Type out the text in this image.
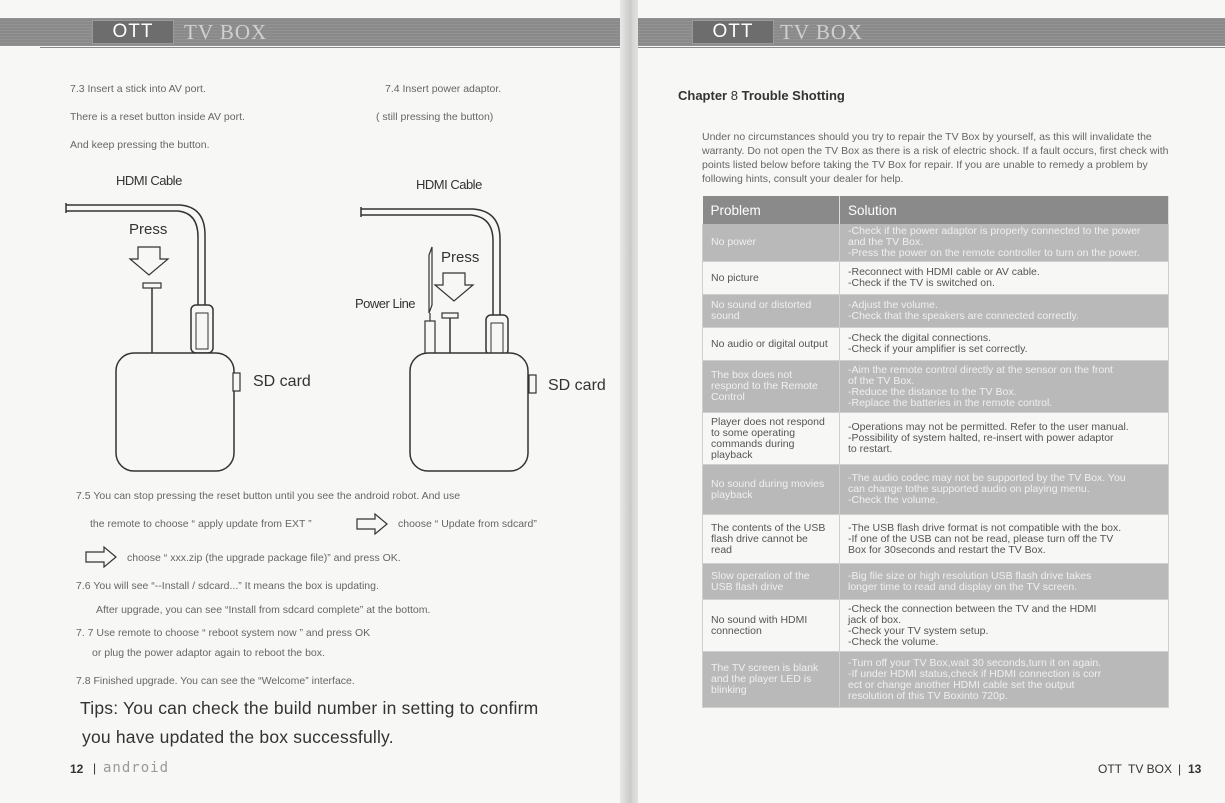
OTT	TV BOX
7.3 Insert a stick into AV port.
There is a reset button inside AV port.
And keep pressing the button.
7.4 Insert power adaptor.
( still pressing the button)
HDMI Cable	HDMI Cable
Press
SD card
Press
Power Line
SD card
7.5 You can stop pressing the reset button until you see the android robot. And use
the remote to choose “ apply update from EXT ”	choose “ Update from sdcard”
choose “ xxx.zip (the upgrade package file)” and press OK.
7.6 You will see “--Install / sdcard...” It means the box is updating.
After upgrade, you can see “Install from sdcard complete” at the bottom.
7. 7 Use remote to choose “ reboot system now ” and press OK
or plug the power adaptor again to reboot the box.
7.8 Finished upgrade. You can see the “Welcome” interface.
Tips: You can check the build number in setting to confirm
you have updated the box successfully.
12 | android
OTT	TV BOX
Chapter 8 Trouble Shotting
Under no circumstances should you try to repair the TV Box by yourself, as this will invalidate the warranty. Do not open the TV Box as there is a risk of electric shock. If a fault occurs, first check with points listed below before taking the TV Box for repair. If you are unable to remedy a problem by following hints, consult your dealer for help.
Problem	Solution
No power	-Check if the power adaptor is properly connected to the power
and the TV Box.
-Press the power on the remote controller to turn on the power.

No picture	-Reconnect with HDMI cable or AV cable.
-Check if the TV is switched on.

No sound or distorted sound	-Adjust the volume.
-Check that the speakers are connected correctly.

No audio or digital output	-Check the digital connections.
-Check if your amplifier is set correctly.

The box does not respond to the Remote Control	-Aim the remote control directly at the sensor on the front
of the TV Box.
-Reduce the distance to the TV Box.
-Replace the batteries in the remote control.

Player does not respond to some operating commands during playback	-Operations may not be permitted. Refer to the user manual.
-Possibility of system halted, re-insert with power adaptor
to restart.

No sound during movies playback	-The audio codec may not be supported by the TV Box. You
can change tothe supported audio on playing menu.
-Check the volume.

The contents of the USB flash drive cannot be read	-The USB flash drive format is not compatible with the box.
-If one of the USB can not be read, please turn off the TV
Box for 30seconds and restart the TV Box.

Slow operation of the USB flash drive	-Big file size or high resolution USB flash drive takes
longer time to read and display on the TV screen.

No sound with HDMI connection	-Check the connection between the TV and the HDMI
jack of box.
-Check your TV system setup.
-Check the volume.

The TV screen is blank and the player LED is blinking	-Turn off your TV Box,wait 30 seconds,turn it on again.
-If under HDMI status,check if HDMI connection is corr
ect or change another HDMI cable set the output
resolution of this TV Boxinto 720p.
OTT TV BOX | 13
